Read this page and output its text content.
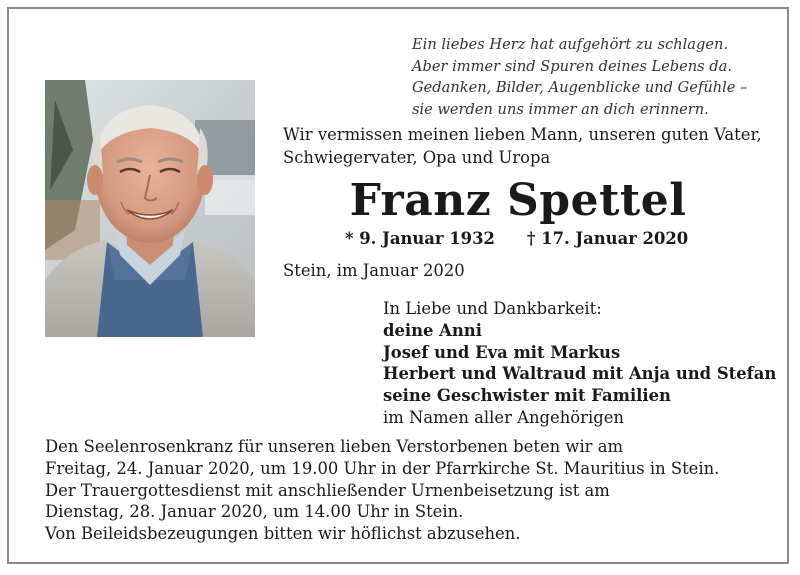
Ein liebes Herz hat aufgehört zu schlagen.
Aber immer sind Spuren deines Lebens da.
Gedanken, Bilder, Augenblicke und Gefühle –
sie werden uns immer an dich erinnern.
Wir vermissen meinen lieben Mann, unseren guten Vater,
Schwiegervater, Opa und Uropa
Franz Spettel
* 9. Januar 1932 † 17. Januar 2020
Stein, im Januar 2020
In Liebe und Dankbarkeit:
deine Anni
Josef und Eva mit Markus
Herbert und Waltraud mit Anja und Stefan
seine Geschwister mit Familien
im Namen aller Angehörigen
Den Seelenrosenkranz für unseren lieben Verstorbenen beten wir am
Freitag, 24. Januar 2020, um 19.00 Uhr in der Pfarrkirche St. Mauritius in Stein.
Der Trauergottesdienst mit anschließender Urnenbeisetzung ist am
Dienstag, 28. Januar 2020, um 14.00 Uhr in Stein.
Von Beileidsbezeugungen bitten wir höflichst abzusehen.
